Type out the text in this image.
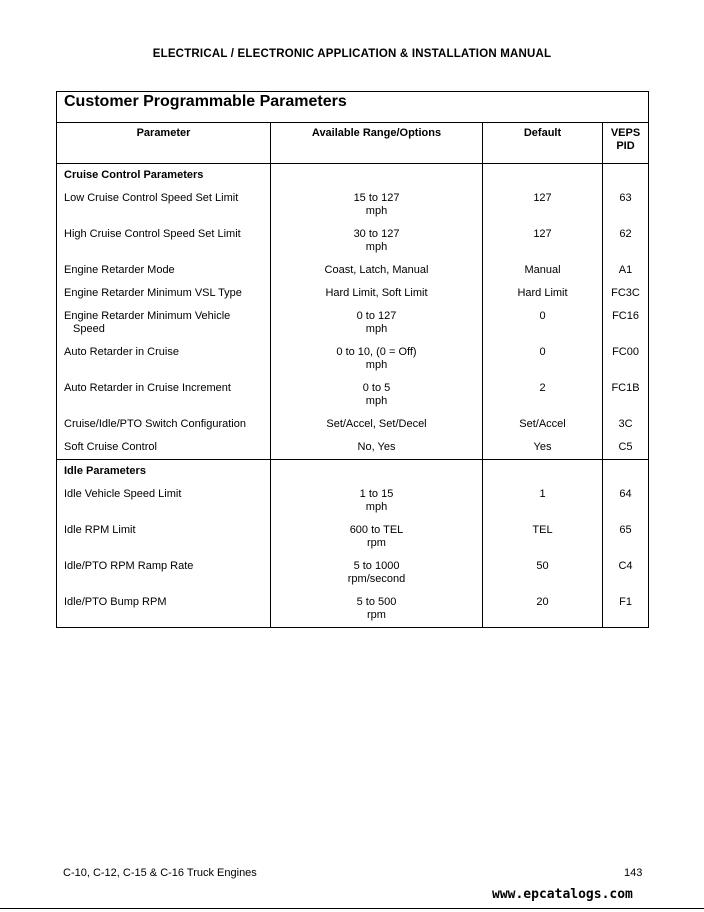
ELECTRICAL / ELECTRONIC APPLICATION & INSTALLATION MANUAL
Customer Programmable Parameters			
Parameter	Available Range/Options	Default	VEPS
PID
Cruise Control Parameters			
Low Cruise Control Speed Set Limit	15 to 127
mph	127	63
High Cruise Control Speed Set Limit	30 to 127
mph	127	62
Engine Retarder Mode	Coast, Latch, Manual	Manual	A1
Engine Retarder Minimum VSL Type	Hard Limit, Soft Limit	Hard Limit	FC3C
Engine Retarder Minimum Vehicle
Speed	0 to 127
mph	0	FC16
Auto Retarder in Cruise	0 to 10, (0 = Off)
mph	0	FC00
Auto Retarder in Cruise Increment	0 to 5
mph	2	FC1B
Cruise/Idle/PTO Switch Configuration	Set/Accel, Set/Decel	Set/Accel	3C
Soft Cruise Control	No, Yes	Yes	C5
Idle Parameters			
Idle Vehicle Speed Limit	1 to 15
mph	1	64
Idle RPM Limit	600 to TEL
rpm	TEL	65
Idle/PTO RPM Ramp Rate	5 to 1000
rpm/second	50	C4
Idle/PTO Bump RPM	5 to 500
rpm	20	F1
C-10, C-12, C-15 & C-16 Truck Engines	143
www.epcatalogs.com
